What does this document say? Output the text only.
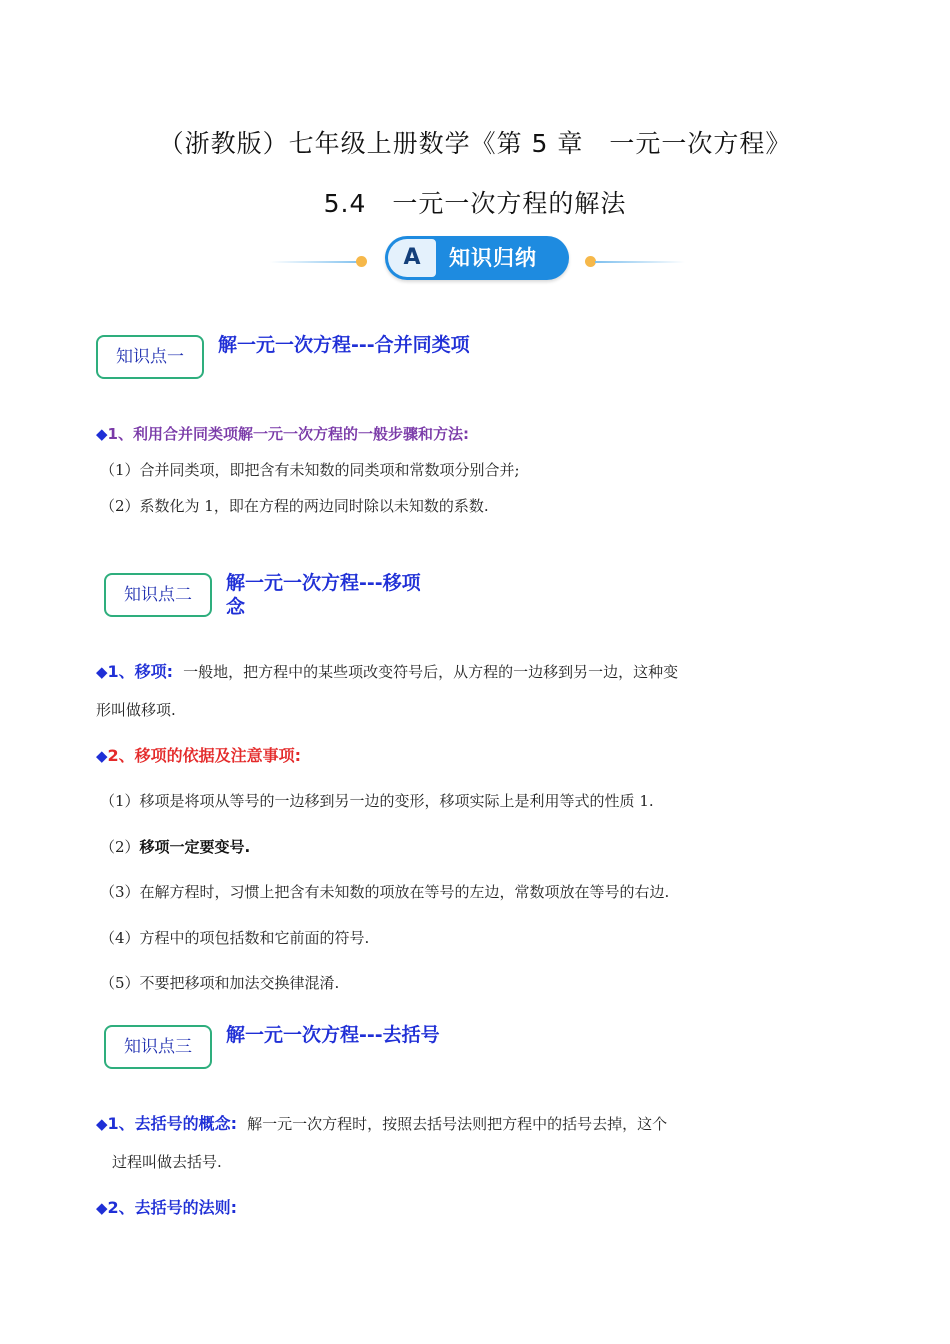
（浙教版）七年级上册数学《第 5 章　一元一次方程》
5.4　一元一次方程的解法
A	知识归纳
知识点一
解一元一次方程---合并同类项
◆1、利用合并同类项解一元一次方程的一般步骤和方法:
（1）合并同类项，即把含有未知数的同类项和常数项分别合并;
（2）系数化为 1，即在方程的两边同时除以未知数的系数.
知识点二
解一元一次方程---移项
念
◆1、移项: 一般地，把方程中的某些项改变符号后，从方程的一边移到另一边，这种变
形叫做移项.
◆2、移项的依据及注意事项:
（1）移项是将项从等号的一边移到另一边的变形，移项实际上是利用等式的性质 1.
（2）移项一定要变号.
（3）在解方程时，习惯上把含有未知数的项放在等号的左边，常数项放在等号的右边.
（4）方程中的项包括数和它前面的符号.
（5）不要把移项和加法交换律混淆.
知识点三
解一元一次方程---去括号
◆1、去括号的概念: 解一元一次方程时，按照去括号法则把方程中的括号去掉，这个
过程叫做去括号.
◆2、去括号的法则:
